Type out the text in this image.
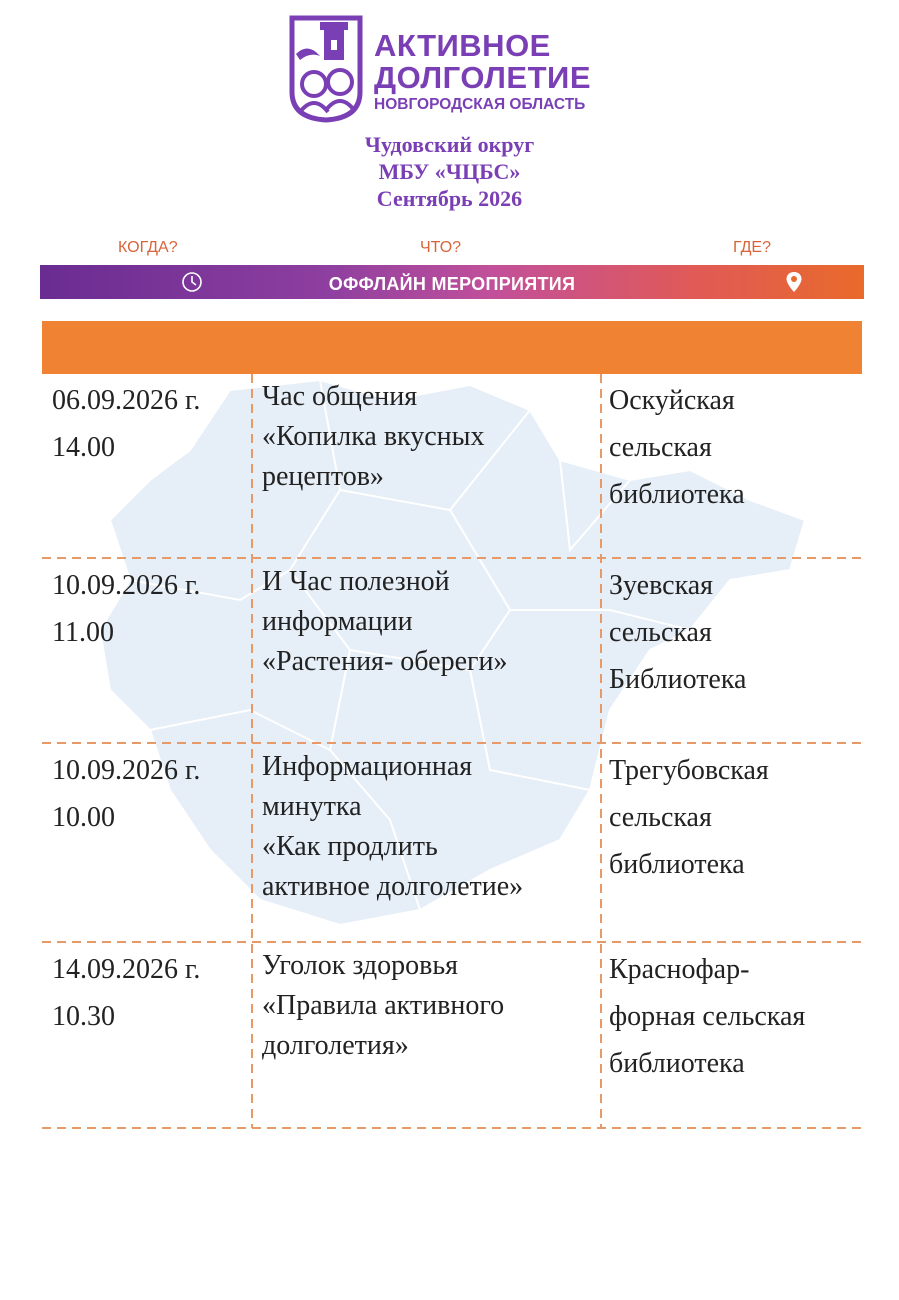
АКТИВНОЕ
ДОЛГОЛЕТИЕ
НОВГОРОДСКАЯ ОБЛАСТЬ
Чудовский округ
МБУ «ЧЦБС»
Сентябрь 2026
КОГДА?	ЧТО?	ГДЕ?
ОФФЛАЙН МЕРОПРИЯТИЯ
06.09.2026 г.
14.00
Час общения
«Копилка вкусных
рецептов»
Оскуйская
сельская
библиотека
10.09.2026 г.
11.00
И Час полезной
информации
«Растения- обереги»
Зуевская
сельская
Библиотека
10.09.2026 г.
10.00
Информационная
минутка
«Как продлить
активное долголетие»
Трегубовская
сельская
библиотека
14.09.2026 г.
10.30
Уголок здоровья
«Правила активного
долголетия»
Краснофар-
форная сельская
библиотека
